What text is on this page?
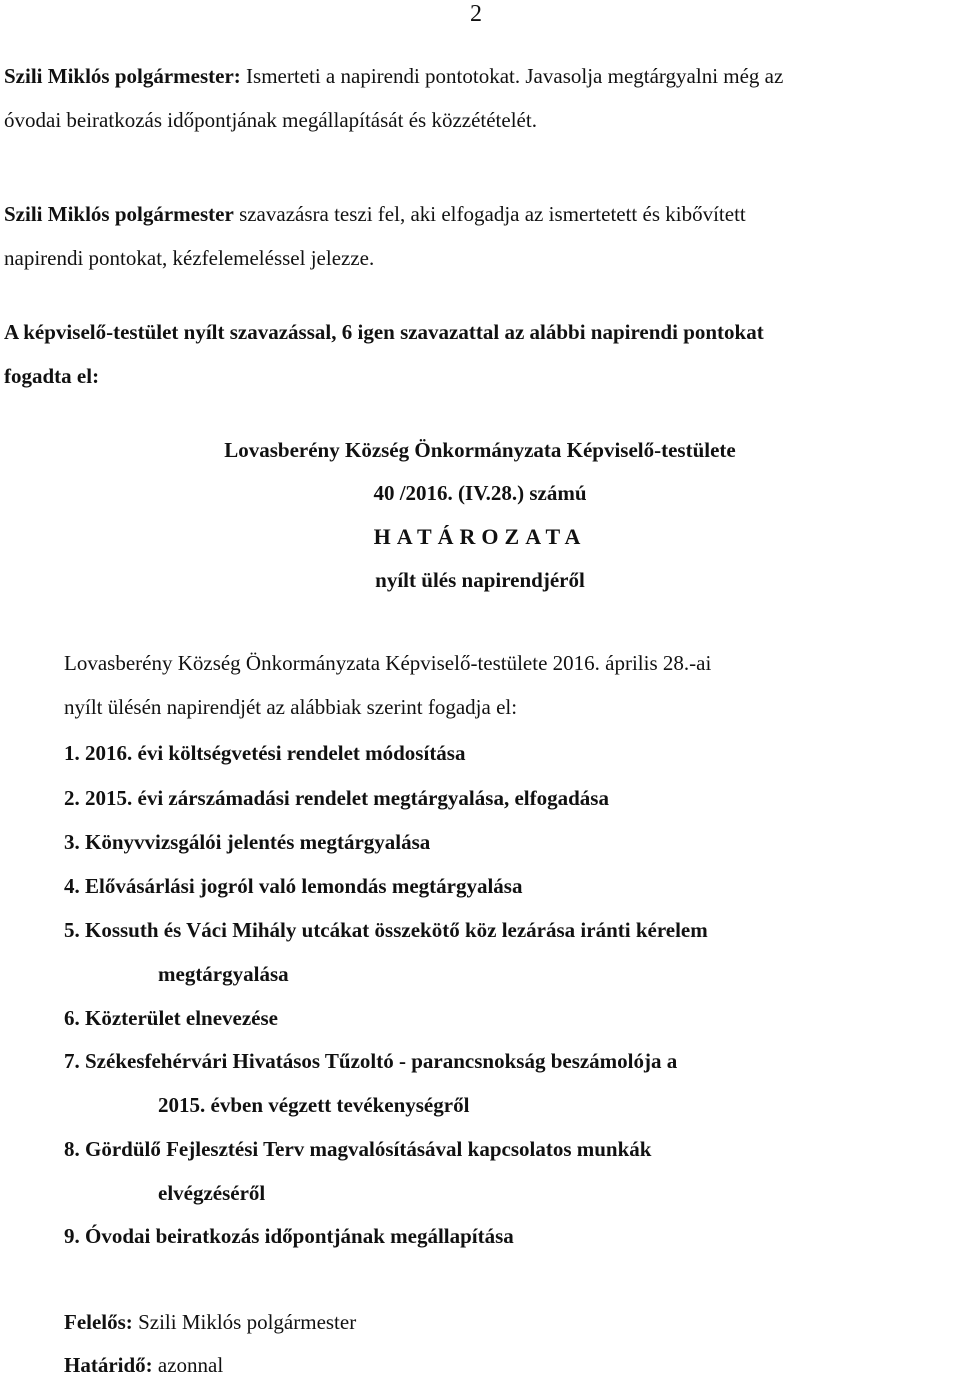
2

Szili Miklós polgármester: Ismerteti a napirendi pontotokat. Javasolja megtárgyalni még az

óvodai beiratkozás időpontjának megállapítását és közzétételét.

Szili Miklós polgármester szavazásra teszi fel, aki elfogadja az ismertetett és kibővített

napirendi pontokat, kézfelemeléssel jelezze.

A képviselő-testület nyílt szavazással, 6 igen szavazattal az alábbi napirendi pontokat

fogadta el:

Lovasberény Község Önkormányzata Képviselő-testülete
40 /2016. (IV.28.) számú
HATÁROZATA
nyílt ülés napirendjéről

Lovasberény Község Önkormányzata Képviselő-testülete 2016. április 28.-ai

nyílt ülésén napirendjét az alábbiak szerint fogadja el:

1. 2016. évi költségvetési rendelet módosítása
2. 2015. évi zárszámadási rendelet megtárgyalása, elfogadása
3. Könyvvizsgálói jelentés megtárgyalása
4. Elővásárlási jogról való lemondás megtárgyalása
5. Kossuth és Váci Mihály utcákat összekötő köz lezárása iránti kérelem
megtárgyalása
6. Közterület elnevezése
7. Székesfehérvári Hivatásos Tűzoltó - parancsnokság beszámolója a
2015. évben végzett tevékenységről
8. Gördülő Fejlesztési Terv magvalósításával kapcsolatos munkák
elvégzéséről
9. Óvodai beiratkozás időpontjának megállapítása

Felelős: Szili Miklós polgármester

Határidő: azonnal
